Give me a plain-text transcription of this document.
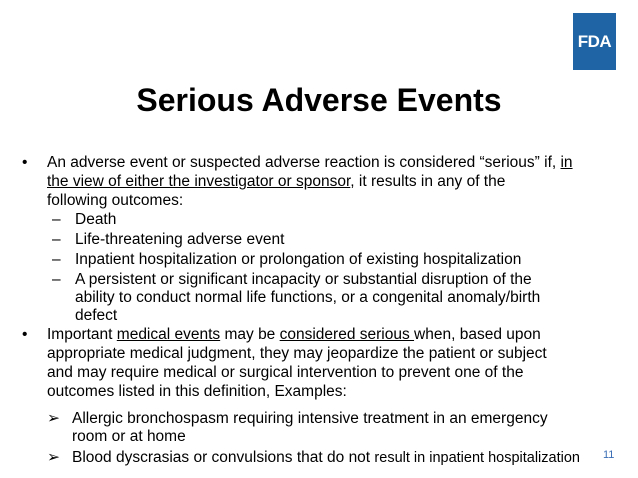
FDA
Serious Adverse Events
• An adverse event or suspected adverse reaction is considered “serious” if, in
the view of either the investigator or sponsor, it results in any of the
following outcomes:
– Death
– Life-threatening adverse event
– Inpatient hospitalization or prolongation of existing hospitalization
– A persistent or significant incapacity or substantial disruption of the
ability to conduct normal life functions, or a congenital anomaly/birth
defect
• Important medical events may be considered serious when, based upon
appropriate medical judgment, they may jeopardize the patient or subject
and may require medical or surgical intervention to prevent one of the
outcomes listed in this definition, Examples:
➢ Allergic bronchospasm requiring intensive treatment in an emergency
room or at home
➢ Blood dyscrasias or convulsions that do not result in inpatient hospitalization 11
